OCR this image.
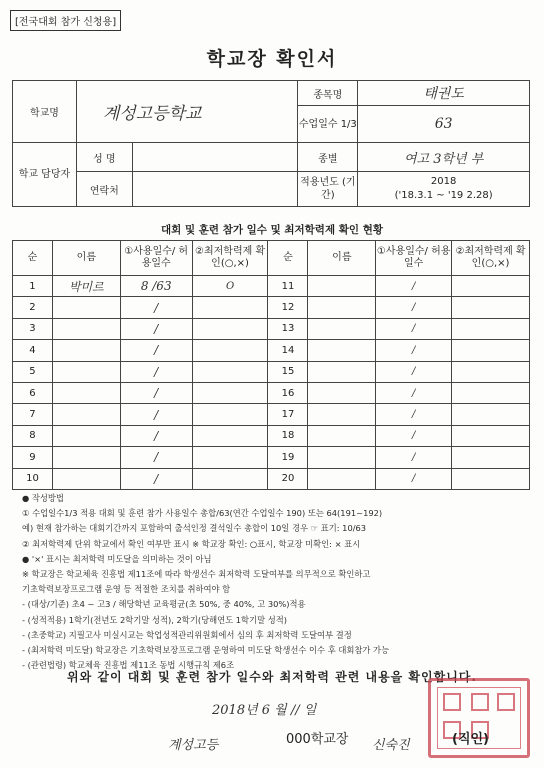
[전국대회 참가 신청용]
학교장 확인서
학교명	계성고등학교		종목명	태권도
			수업일수 1/3	63
학교 담당자	성 명		종별	여고 3학년 부
	연락처		적용년도 (기간)	2018
('18.3.1 ~ '19 2.28)
대회 및 훈련 참가 일수 및 최저학력제 확인 현황
순	이름	①사용일수/ 허용일수	②최저학력제 확인(○,×)	순	이름	①사용일수/ 허용일수	②최저학력제 확인(○,×)
1	박미르	8 /63	O	11		/	
2		/		12		/	
3		/		13		/	
4		/		14		/	
5		/		15		/	
6		/		16		/	
7		/		17		/	
8		/		18		/	
9		/		19		/	
10		/		20		/	
● 작성방법
① 수업일수1/3 적용 대회 및 훈련 참가 사용일수 총합/63(연간 수업일수 190) 또는 64(191~192)
예) 현재 참가하는 대회기간까지 포함하여 출석인정 결석일수 총합이 10일 경우 ☞ 표기: 10/63
② 최저학력제 단위 학교에서 확인 여부만 표시 ※ 학교장 확인: ○표시, 학교장 미확인: × 표시
● '×' 표시는 최저학력 미도달을 의미하는 것이 아님
※ 학교장은 학교체육 진흥법 제11조에 따라 학생선수 최저학력 도달여부를 의무적으로 확인하고
기초학력보장프로그램 운영 등 적절한 조치를 취하여야 함
- (대상/기준) 초4 ~ 고3 / 해당학년 교육평균(초 50%, 중 40%, 고 30%)적용
- (성적적용) 1학기(전년도 2학기말 성적), 2학기(당해연도 1학기말 성적)
- (초중학교) 지필고사 미실시교는 학업성적관리위원회에서 심의 후 최저학력 도달여부 결정
- (최저학력 미도달) 학교장은 기초학력보장프로그램 운영하여 미도달 학생선수 이수 후 대회참가 가능
- (관련법령) 학교체육 진흥법 제11조 동법 시행규칙 제6조
위와 같이 대회 및 훈련 참가 일수와 최저학력 관련 내용을 확인합니다.
2018년 6 월 // 일
계성고등	000학교장 신숙진	(직인)
